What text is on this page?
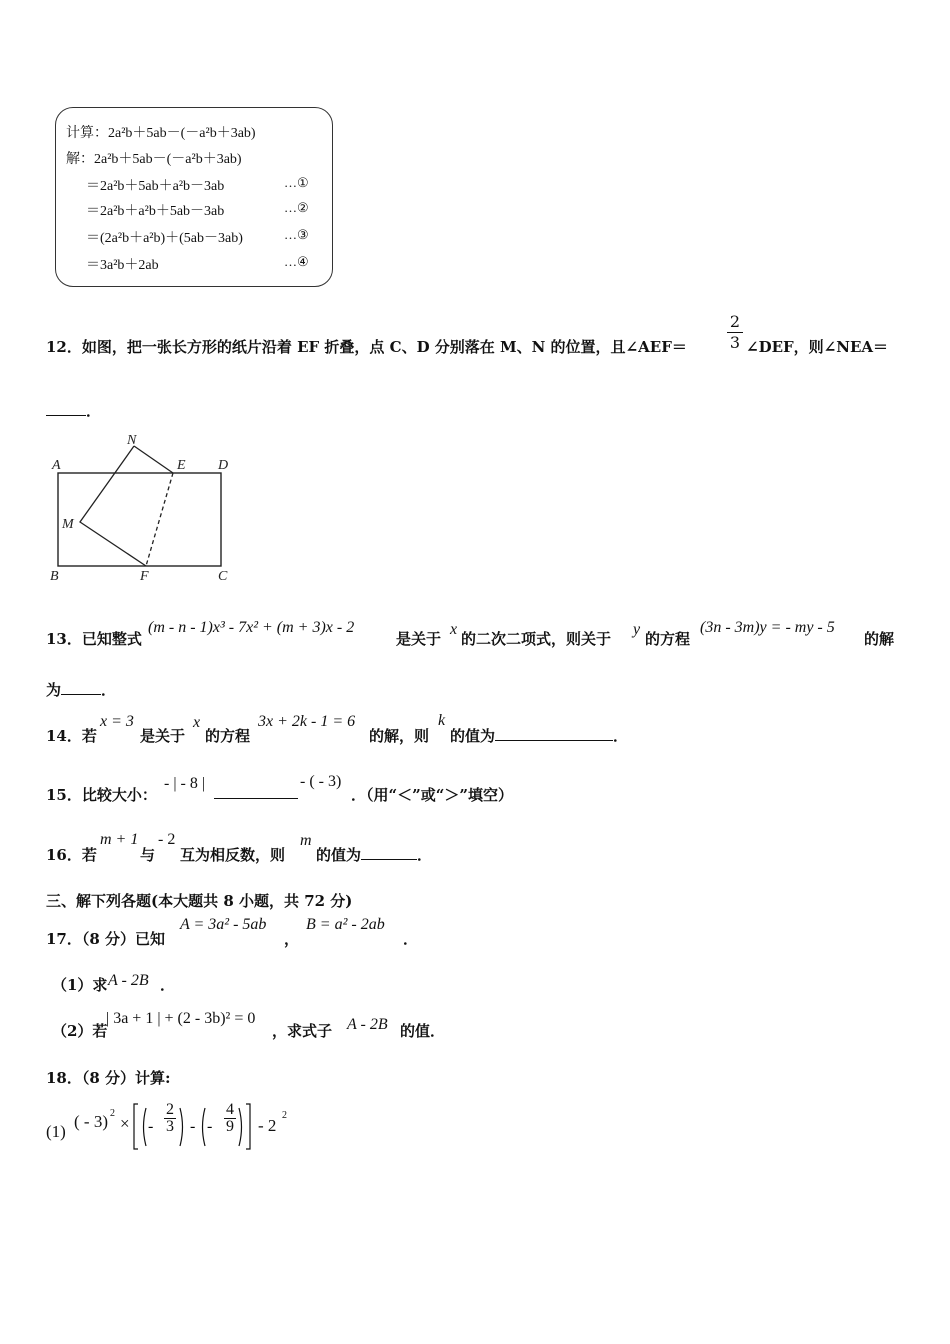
计算：2a²b＋5ab－(－a²b＋3ab)
解：2a²b＋5ab－(－a²b＋3ab)
＝2a²b＋5ab＋a²b－3ab	…①
＝2a²b＋a²b＋5ab－3ab	…②
＝(2a²b＋a²b)＋(5ab－3ab)	…③
＝3a²b＋2ab	…④
12．如图，把一张长方形的纸片沿着 EF 折叠，点 C、D 分别落在 M、N 的位置，且∠AEF＝	$\frac{2}{3}$ ∠DEF，则∠NEA＝
．
A
N
E D
M
B	F	C
13．已知整式
(m - n - 1)x³ - 7x² + (m + 3)x - 2
是关于
x
的二次二项式，则关于
y
的方程
(3n - 3m)y = - my - 5
的解
为	．
14．若
x = 3
是关于
x
的方程
3x + 2k - 1 = 6
的解，则
k
的值为	．
15．比较大小：
- | - 8 |	- ( - 3)
．（用“＜”或“＞”填空）
16．若
m + 1
与
- 2
互为相反数，则
m
的值为	．
三、解下列各题(本大题共 8 小题，共 72 分)
17．（8 分）已知
A = 3a² - 5ab
，
B = a² - 2ab
．
（1）求 A - 2B ．
（2）若
| 3a + 1 | + (2 - 3b)² = 0
，求式子 A - 2B 的值．
18．（8 分）计算:
(1)
( - 3) 2
× - - -
$\frac{2}{3}$	$\frac{4}{9} - 2$
2
